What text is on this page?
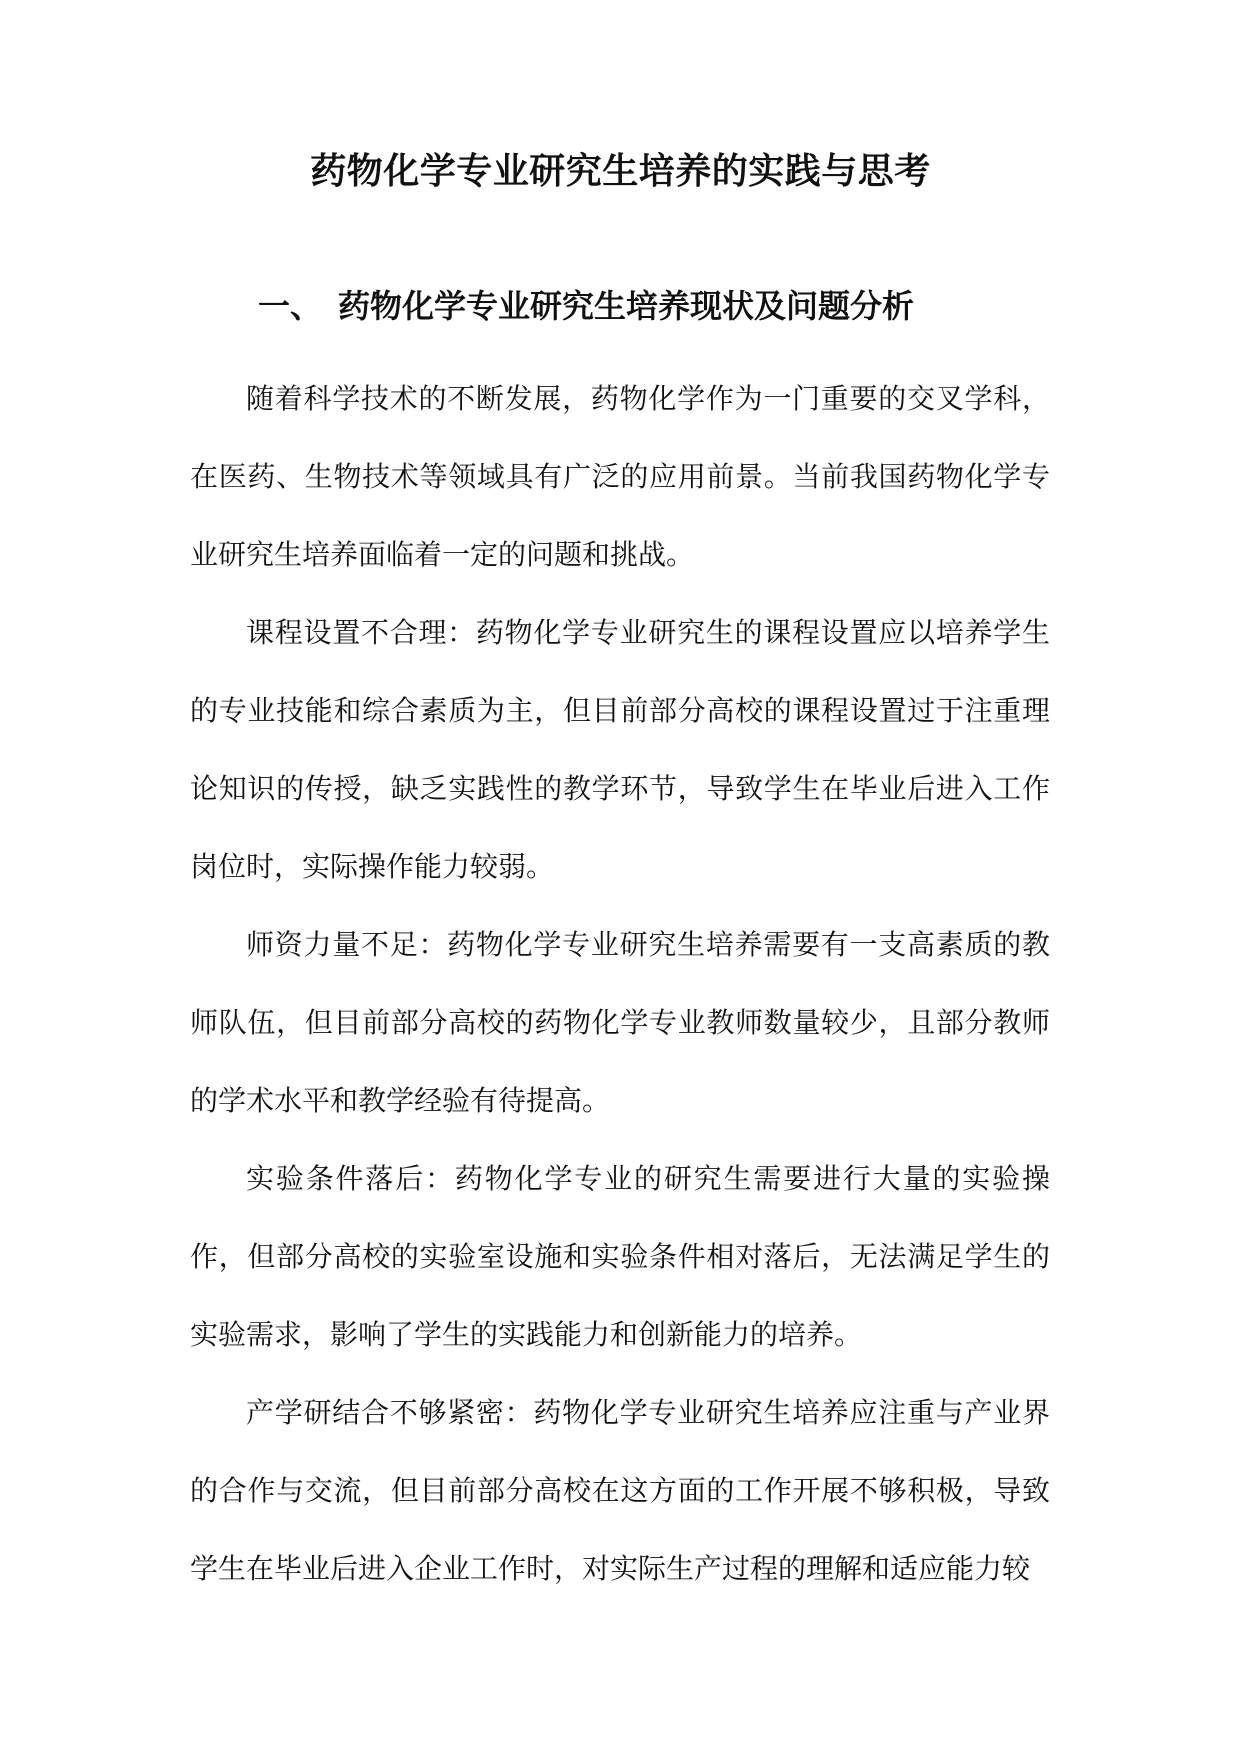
药物化学专业研究生培养的实践与思考
一、 药物化学专业研究生培养现状及问题分析

随着科学技术的不断发展，药物化学作为一门重要的交叉学科，在医药、生物技术等领域具有广泛的应用前景。当前我国药物化学专业研究生培养面临着一定的问题和挑战。

课程设置不合理：药物化学专业研究生的课程设置应以培养学生的专业技能和综合素质为主，但目前部分高校的课程设置过于注重理论知识的传授，缺乏实践性的教学环节，导致学生在毕业后进入工作岗位时，实际操作能力较弱。

师资力量不足：药物化学专业研究生培养需要有一支高素质的教师队伍，但目前部分高校的药物化学专业教师数量较少，且部分教师的学术水平和教学经验有待提高。

实验条件落后：药物化学专业的研究生需要进行大量的实验操作，但部分高校的实验室设施和实验条件相对落后，无法满足学生的实验需求，影响了学生的实践能力和创新能力的培养。

产学研结合不够紧密：药物化学专业研究生培养应注重与产业界的合作与交流，但目前部分高校在这方面的工作开展不够积极，导致学生在毕业后进入企业工作时，对实际生产过程的理解和适应能力较
